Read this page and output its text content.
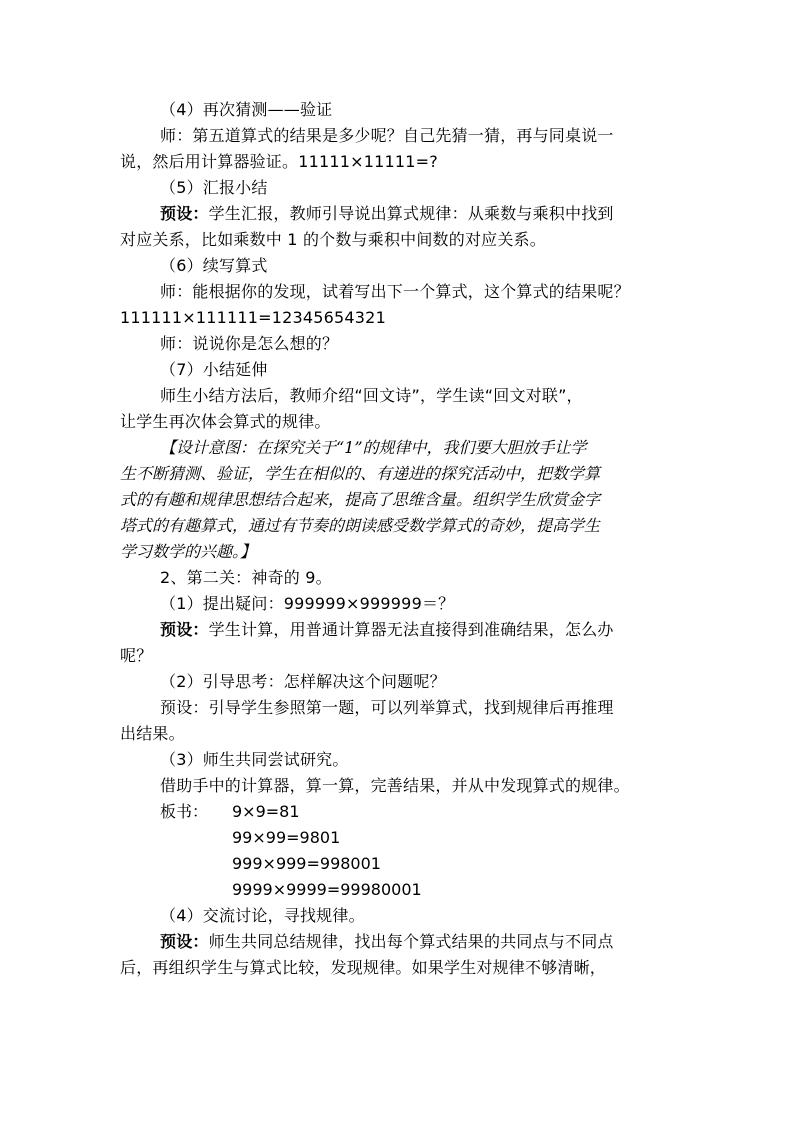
（4）再次猜测——验证
师：第五道算式的结果是多少呢？自己先猜一猜，再与同桌说一
说，然后用计算器验证。11111×11111=?
（5）汇报小结
预设：学生汇报，教师引导说出算式规律：从乘数与乘积中找到
对应关系，比如乘数中 1 的个数与乘积中间数的对应关系。
（6）续写算式
师：能根据你的发现，试着写出下一个算式，这个算式的结果呢？
111111×111111=12345654321
师：说说你是怎么想的？
（7）小结延伸
师生小结方法后，教师介绍“回文诗”，学生读“回文对联”，
让学生再次体会算式的规律。
【设计意图：在探究关于“1”的规律中，我们要大胆放手让学
生不断猜测、验证，学生在相似的、有递进的探究活动中，把数学算
式的有趣和规律思想结合起来，提高了思维含量。组织学生欣赏金字
塔式的有趣算式，通过有节奏的朗读感受数学算式的奇妙，提高学生
学习数学的兴趣。】
2、第二关：神奇的 9。
（1）提出疑问：999999×999999＝？
预设：学生计算，用普通计算器无法直接得到准确结果，怎么办
呢？
（2）引导思考：怎样解决这个问题呢？
预设：引导学生参照第一题，可以列举算式，找到规律后再推理
出结果。
（3）师生共同尝试研究。
借助手中的计算器，算一算，完善结果，并从中发现算式的规律。
板书： 9×9=81
99×99=9801
999×999=998001
9999×9999=99980001
（4）交流讨论，寻找规律。
预设：师生共同总结规律，找出每个算式结果的共同点与不同点
后，再组织学生与算式比较，发现规律。如果学生对规律不够清晰，
